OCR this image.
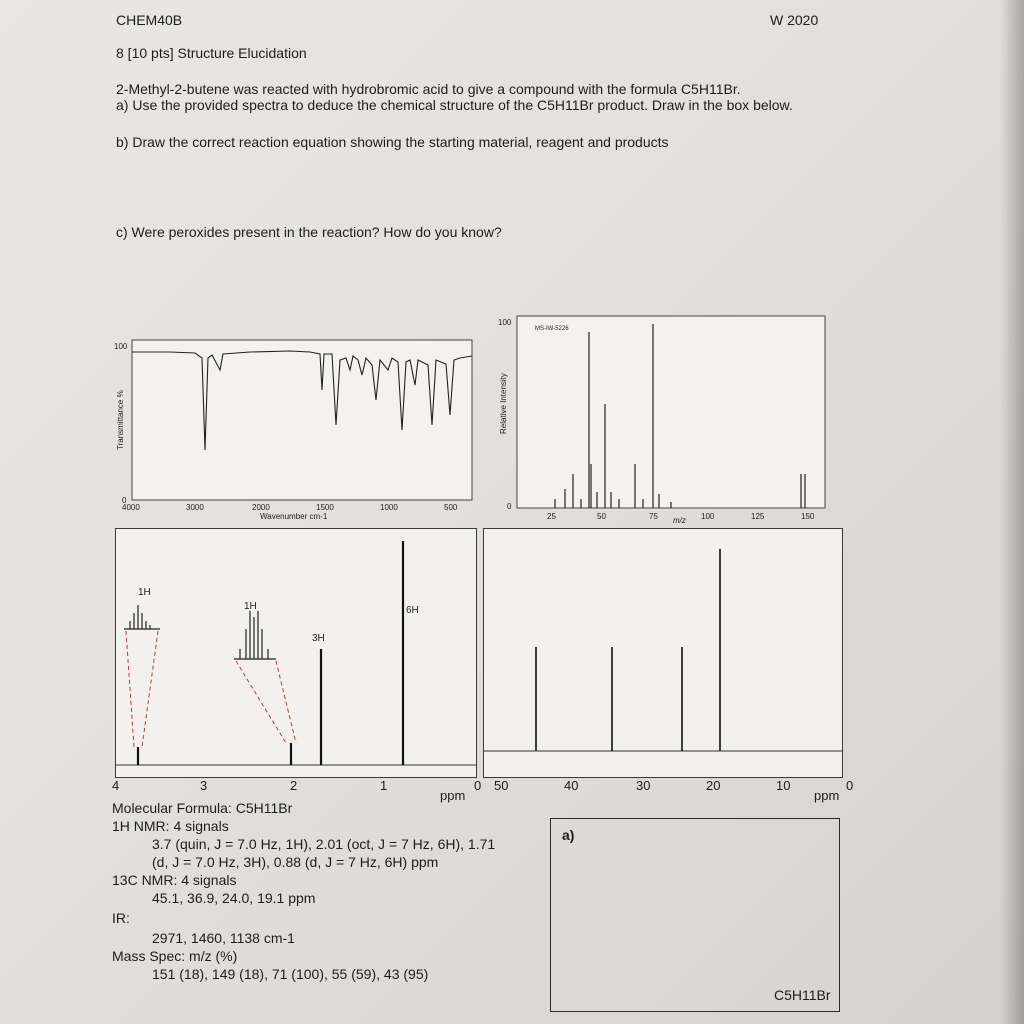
CHEM40B	W 2020
8 [10 pts] Structure Elucidation
2-Methyl-2-butene was reacted with hydrobromic acid to give a compound with the formula C5H11Br.
a) Use the provided spectra to deduce the chemical structure of the C5H11Br product. Draw in the box below.
b) Draw the correct reaction equation showing the starting material, reagent and products
c) Were peroxides present in the reaction? How do you know?
Transmittance %
100
0
4000	3000	2000	1500	1000	500
Wavenumber cm-1
Relative Intensity
100
0
25	50	75	100	125	150
m/z
MS-IW-5226
1H
1H	6H
3H
4	3	2	1
ppm
0 50	40	30	20	10
ppm
0
Molecular Formula: C5H11Br
1H NMR: 4 signals
3.7 (quin, J = 7.0 Hz, 1H), 2.01 (oct, J = 7 Hz, 6H), 1.71
(d, J = 7.0 Hz, 3H), 0.88 (d, J = 7 Hz, 6H) ppm
13C NMR: 4 signals
45.1, 36.9, 24.0, 19.1 ppm
IR:
2971, 1460, 1138 cm-1
Mass Spec: m/z (%)
151 (18), 149 (18), 71 (100), 55 (59), 43 (95)
a)
C5H11Br
